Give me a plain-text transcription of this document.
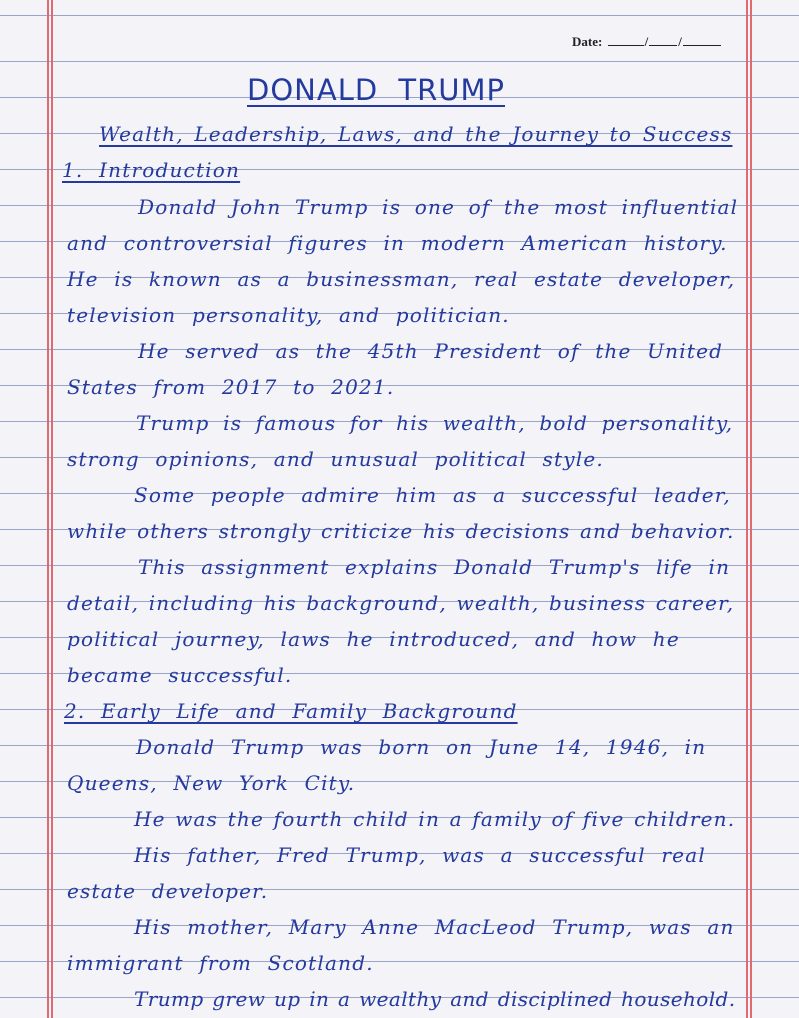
Date:	/ /
DONALD TRUMP
Wealth, Leadership, Laws, and the Journey to Success
1. Introduction
Donald John Trump is one of the most influential
and controversial figures in modern American history.
He is known as a businessman, real estate developer,
television personality, and politician.
He served as the 45th President of the United
States from 2017 to 2021.
Trump is famous for his wealth, bold personality,
strong opinions, and unusual political style.
Some people admire him as a successful leader,
while others strongly criticize his decisions and behavior.
This assignment explains Donald Trump's life in
detail, including his background, wealth, business career,
political journey, laws he introduced, and how he
became successful.
2. Early Life and Family Background
Donald Trump was born on June 14, 1946, in
Queens, New York City.
He was the fourth child in a family of five children.
His father, Fred Trump, was a successful real
estate developer.
His mother, Mary Anne MacLeod Trump, was an
immigrant from Scotland.
Trump grew up in a wealthy and disciplined household.
